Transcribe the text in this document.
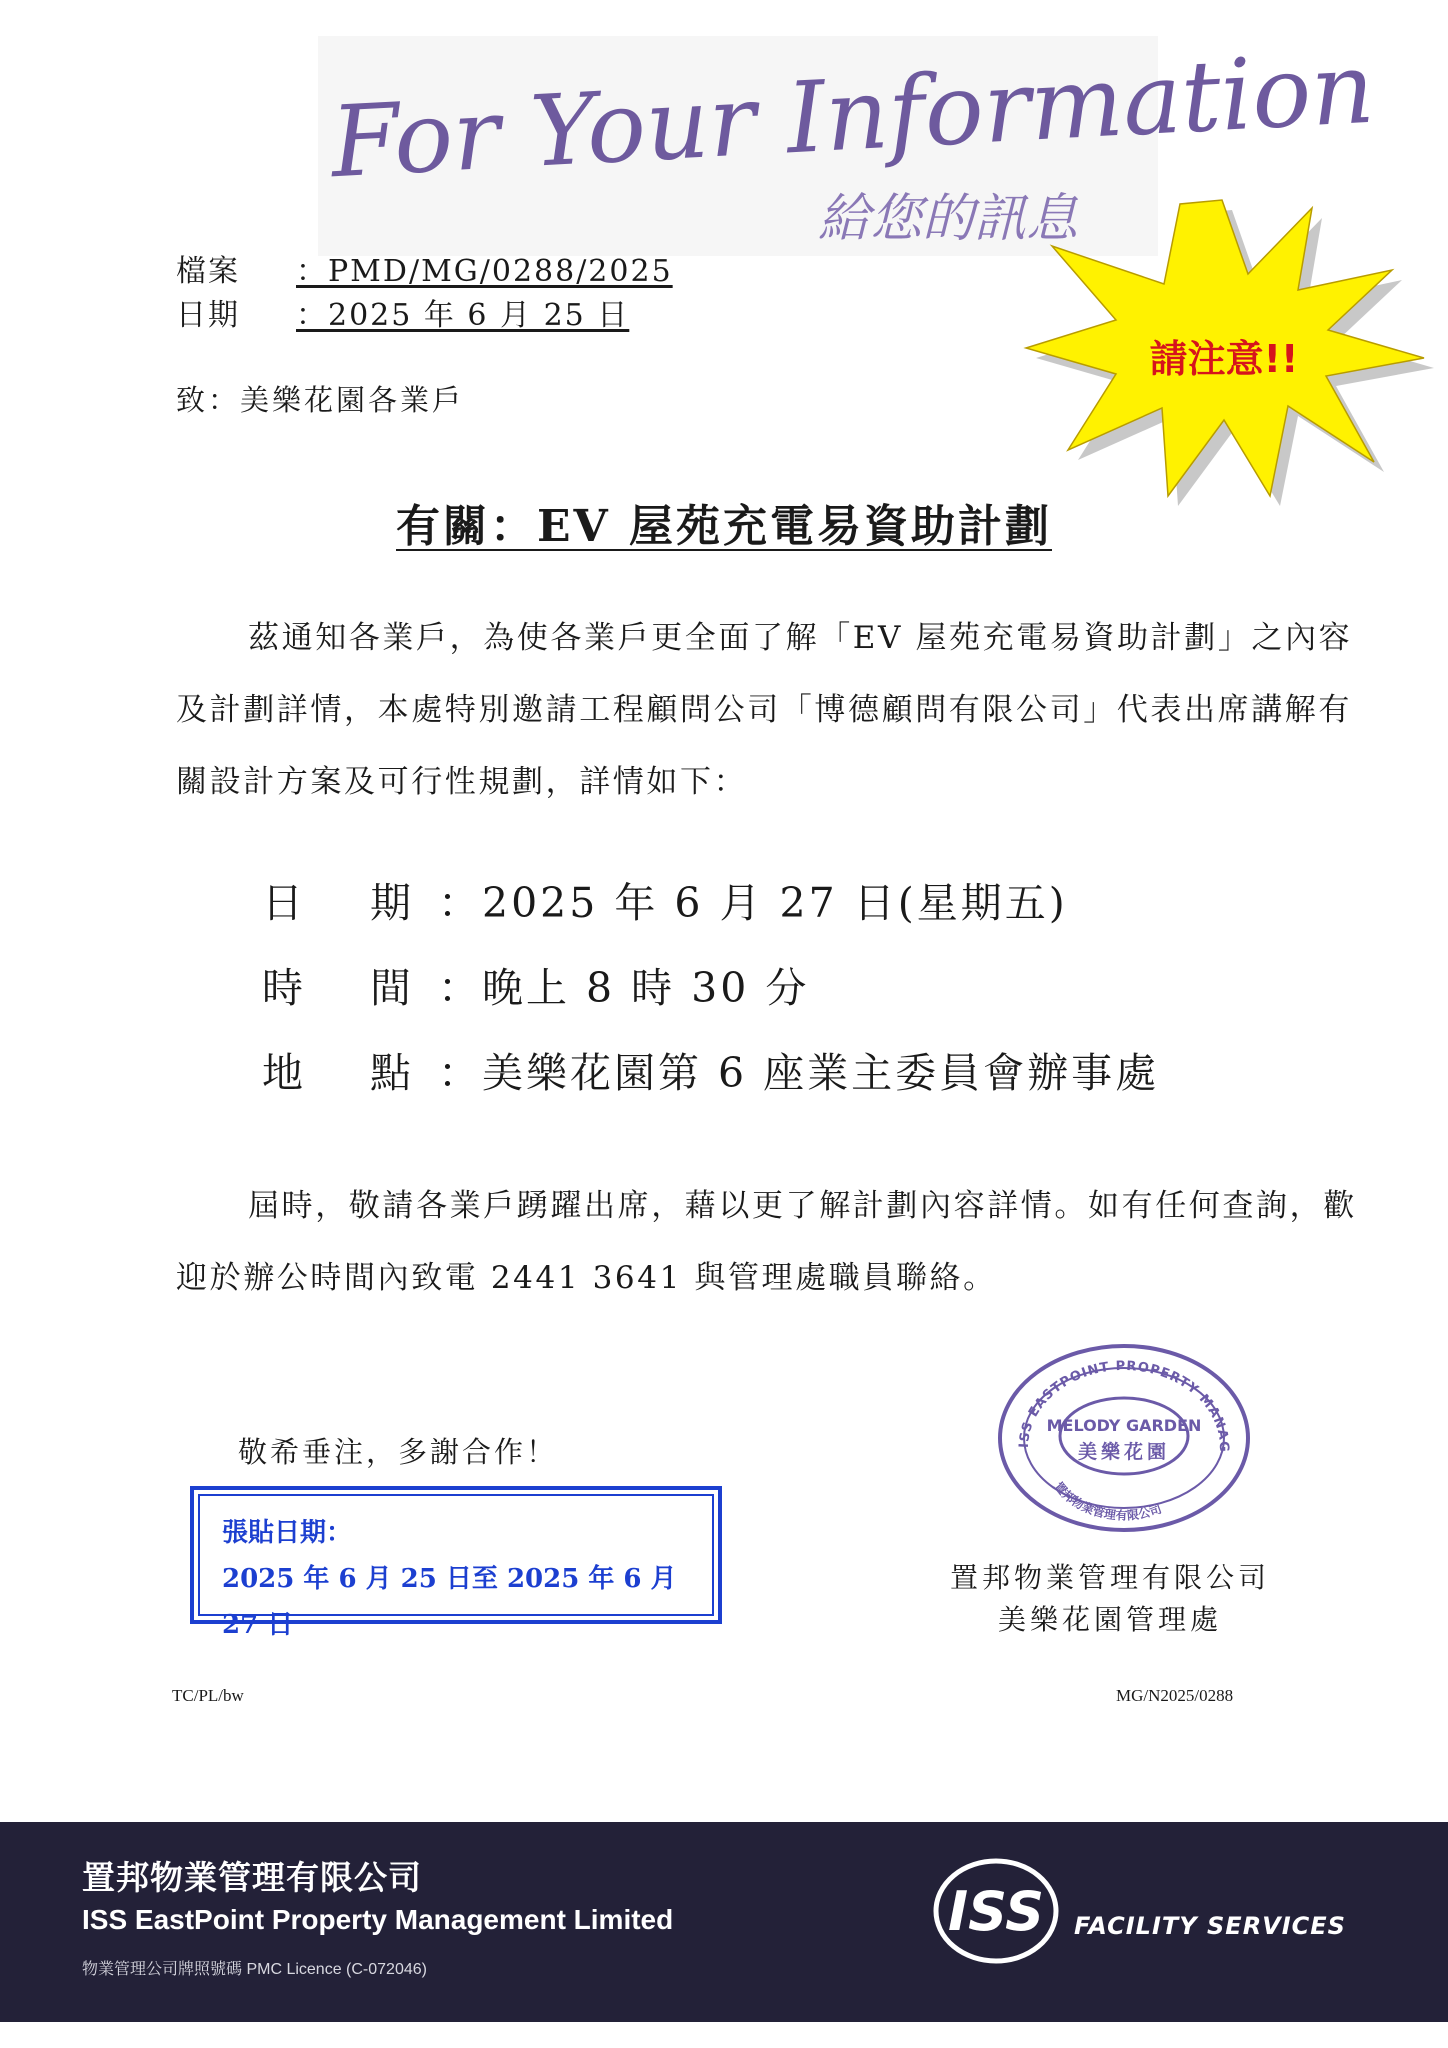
For Your Information
給您的訊息
檔案 ：PMD/MG/0288/2025
日期 ：2025 年 6 月 25 日
致：美樂花園各業戶
請注意!!
有關：EV 屋苑充電易資助計劃
茲通知各業戶，為使各業戶更全面了解「EV 屋苑充電易資助計劃」之內容及計劃詳情，本處特別邀請工程顧問公司「博德顧問有限公司」代表出席講解有關設計方案及可行性規劃，詳情如下：
日 期 ：2025 年 6 月 27 日(星期五)
時 間 ：晚上 8 時 30 分
地 點 ：美樂花園第 6 座業主委員會辦事處
屆時，敬請各業戶踴躍出席，藉以更了解計劃內容詳情。如有任何查詢，歡迎於辦公時間內致電 2441 3641 與管理處職員聯絡。
敬希垂注，多謝合作！
張貼日期：
2025 年 6 月 25 日至 2025 年 6 月 27 日
ISS EASTPOINT PROPERTY MANAG
MELODY GARDEN
美樂花園
置邦物業管理有限公司
置邦物業管理有限公司
美樂花園管理處
TC/PL/bw	MG/N2025/0288
置邦物業管理有限公司
ISS EastPoint Property Management Limited
物業管理公司牌照號碼 PMC Licence (C-072046)
ISS FACILITY SERVICES
